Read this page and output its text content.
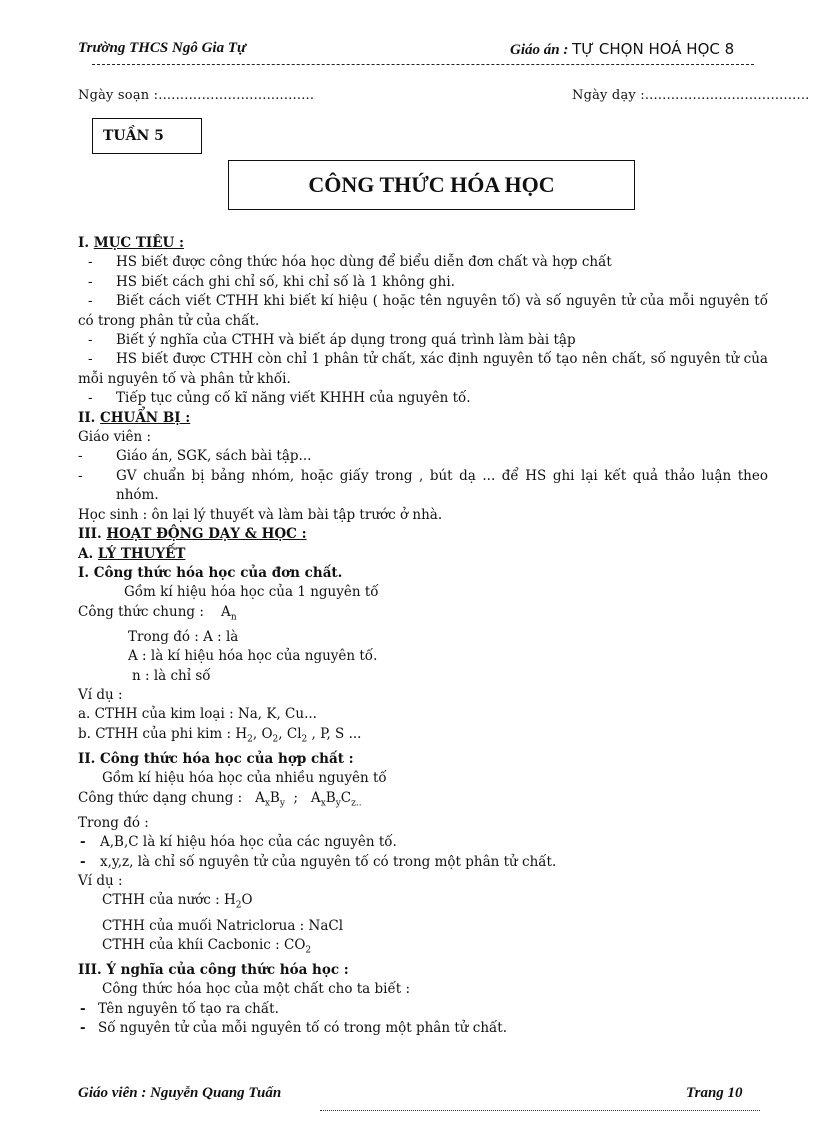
Trường THCS Ngô Gia Tự	Giáo án : TỰ CHỌN HOÁ HỌC 8
Ngày soạn :....................................	Ngày dạy :......................................
TUẦN 5
CÔNG THỨC HÓA HỌC

I. MỤC TIÊU :

- HS biết được công thức hóa học dùng để biểu diễn đơn chất và hợp chất

- HS biết cách ghi chỉ số, khi chỉ số là 1 không ghi.

- Biết cách viết CTHH khi biết kí hiệu ( hoặc tên nguyên tố) và số nguyên tử của mỗi nguyên tố có trong phân tử của chất.

- Biết ý nghĩa của CTHH và biết áp dụng trong quá trình làm bài tập

- HS biết được CTHH còn chỉ 1 phân tử chất, xác định nguyên tố tạo nên chất, số nguyên tử của mỗi nguyên tố và phân tử khối.

- Tiếp tục củng cố kĩ năng viết KHHH của nguyên tố.

II. CHUẨN BỊ :

Giáo viên :

- Giáo án, SGK, sách bài tập...

- GV chuẩn bị bảng nhóm, hoặc giấy trong , bút dạ ... để HS ghi lại kết quả thảo luận theo nhóm.

Học sinh : ôn lại lý thuyết và làm bài tập trước ở nhà.

III. HOẠT ĐỘNG DẠY & HỌC :

A. LÝ THUYẾT

I. Công thức hóa học của đơn chất.

Gồm kí hiệu hóa học của 1 nguyên tố

Công thức chung :    $A_n$

Trong đó : A : là

A : là kí hiệu hóa học của nguyên tố.

n : là chỉ số

Ví dụ :

a. CTHH của kim loại : Na, K, Cu...

b. CTHH của phi kim : $H_2$, $O_2$, $Cl_2$ , P, S ...

II. Công thức hóa học của hợp chất :

Gồm kí hiệu hóa học của nhiều nguyên tố

Công thức dạng chung :   $A_xB_y$  ;   $A_xB_yC_{z..}$

Trong đó :

- A,B,C là kí hiệu hóa học của các nguyên tố.

- x,y,z, là chỉ số nguyên tử của nguyên tố có trong một phân tử chất.

Ví dụ :

CTHH của nước : $H_2O$

CTHH của muối Natriclorua : NaCl

CTHH của khíi Cacbonic : $CO_2$

III. Ý nghĩa của công thức hóa học :

Công thức hóa học của một chất cho ta biết :

- Tên nguyên tố tạo ra chất.

- Số nguyên tử của mỗi nguyên tố có trong một phân tử chất.

Giáo viên : Nguyễn Quang Tuấn	Trang 10
